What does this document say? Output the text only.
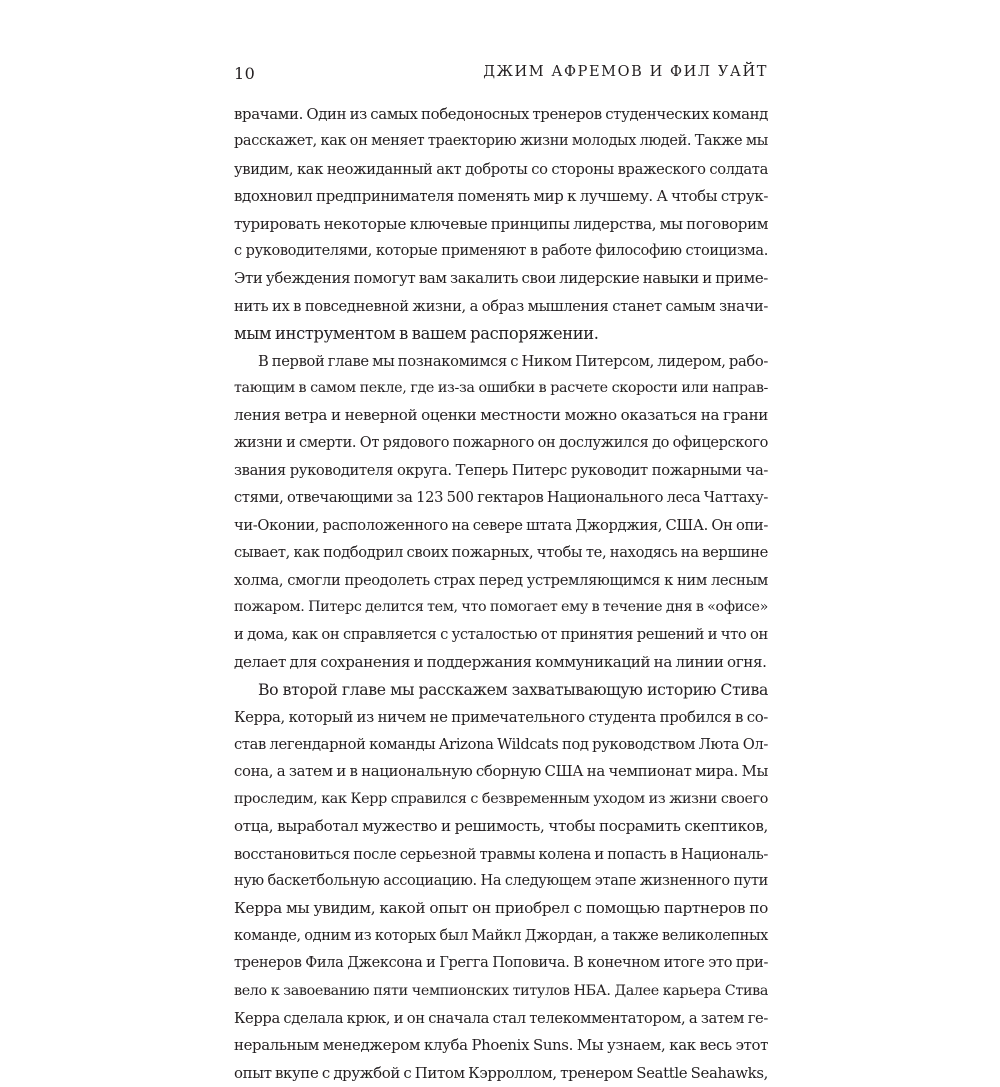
10	ДЖИМ АФРЕМОВ И ФИЛ УАЙТ
врачами. Один из самых победоносных тренеров студенческих команд
расскажет, как он меняет траекторию жизни молодых людей. Также мы
увидим, как неожиданный акт доброты со стороны вражеского солдата
вдохновил предпринимателя поменять мир к лучшему. А чтобы струк-
турировать некоторые ключевые принципы лидерства, мы поговорим
с руководителями, которые применяют в работе философию стоицизма.
Эти убеждения помогут вам закалить свои лидерские навыки и приме-
нить их в повседневной жизни, а образ мышления станет самым значи-
мым инструментом в вашем распоряжении.
В первой главе мы познакомимся с Ником Питерсом, лидером, рабо-
тающим в самом пекле, где из-за ошибки в расчете скорости или направ-
ления ветра и неверной оценки местности можно оказаться на грани
жизни и смерти. От рядового пожарного он дослужился до офицерского
звания руководителя округа. Теперь Питерс руководит пожарными ча-
стями, отвечающими за 123 500 гектаров Национального леса Чаттаху-
чи-Оконии, расположенного на севере штата Джорджия, США. Он опи-
сывает, как подбодрил своих пожарных, чтобы те, находясь на вершине
холма, смогли преодолеть страх перед устремляющимся к ним лесным
пожаром. Питерс делится тем, что помогает ему в течение дня в «офисе»
и дома, как он справляется с усталостью от принятия решений и что он
делает для сохранения и поддержания коммуникаций на линии огня.
Во второй главе мы расскажем захватывающую историю Стива
Керра, который из ничем не примечательного студента пробился в со-
став легендарной команды Arizona Wildcats под руководством Люта Ол-
сона, а затем и в национальную сборную США на чемпионат мира. Мы
проследим, как Керр справился с безвременным уходом из жизни своего
отца, выработал мужество и решимость, чтобы посрамить скептиков,
восстановиться после серьезной травмы колена и попасть в Националь-
ную баскетбольную ассоциацию. На следующем этапе жизненного пути
Керра мы увидим, какой опыт он приобрел с помощью партнеров по
команде, одним из которых был Майкл Джордан, а также великолепных
тренеров Фила Джексона и Грегга Поповича. В конечном итоге это при-
вело к завоеванию пяти чемпионских титулов НБА. Далее карьера Стива
Керра сделала крюк, и он сначала стал телекомментатором, а затем ге-
неральным менеджером клуба Phoenix Suns. Мы узнаем, как весь этот
опыт вкупе с дружбой с Питом Кэрроллом, тренером Seattle Seahawks,
